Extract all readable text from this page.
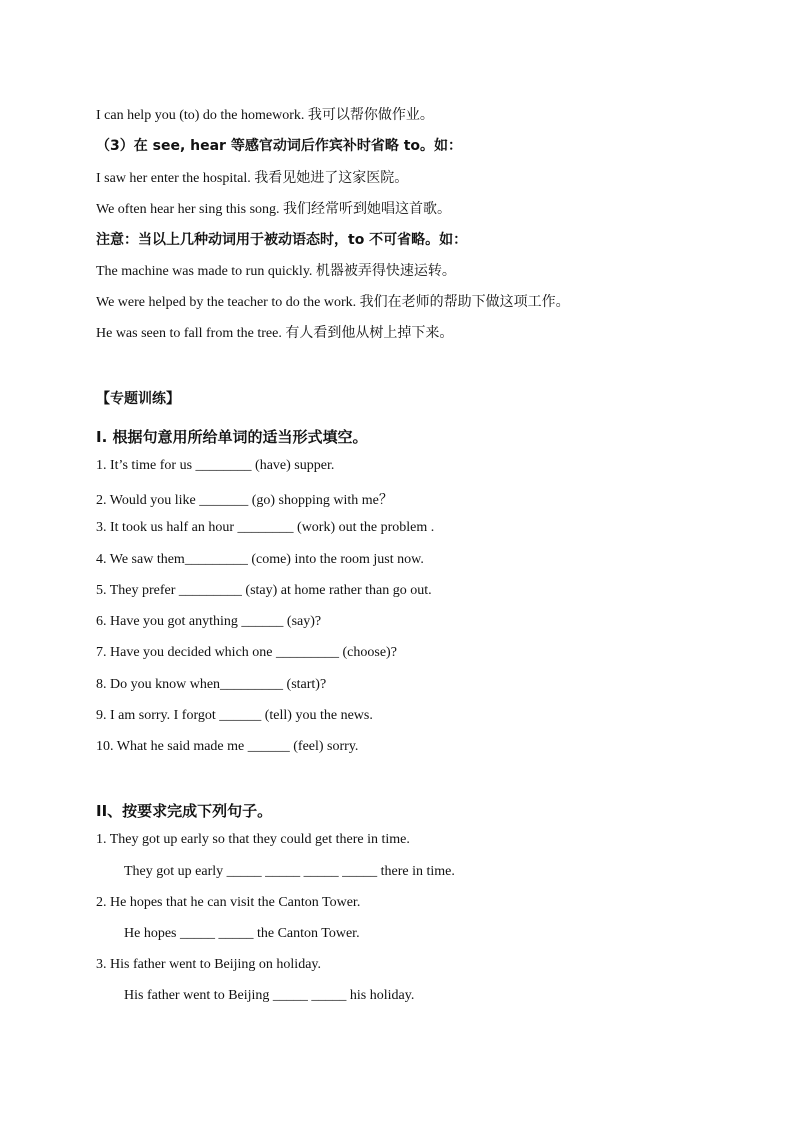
I can help you (to) do the homework. 我可以帮你做作业。
（3）在 see, hear 等感官动词后作宾补时省略 to。如：
I saw her enter the hospital. 我看见她进了这家医院。
We often hear her sing this song. 我们经常听到她唱这首歌。
注意：当以上几种动词用于被动语态时，to 不可省略。如：
The machine was made to run quickly. 机器被弄得快速运转。
We were helped by the teacher to do the work. 我们在老师的帮助下做这项工作。
He was seen to fall from the tree. 有人看到他从树上掉下来。
【专题训练】
I. 根据句意用所给单词的适当形式填空。
1. It’s time for us ________ (have) supper.
2. Would you like _______ (go) shopping with me？
3. It took us half an hour ________ (work) out the problem .
4. We saw them_________ (come) into the room just now.
5. They prefer _________ (stay) at home rather than go out.
6. Have you got anything ______ (say)?
7. Have you decided which one _________ (choose)?
8. Do you know when_________ (start)?
9. I am sorry. I forgot ______ (tell) you the news.
10. What he said made me ______ (feel) sorry.
II、按要求完成下列句子。
1. They got up early so that they could get there in time.
They got up early _____ _____ _____ _____ there in time.
2. He hopes that he can visit the Canton Tower.
He hopes _____ _____ the Canton Tower.
3. His father went to Beijing on holiday.
His father went to Beijing _____ _____ his holiday.
